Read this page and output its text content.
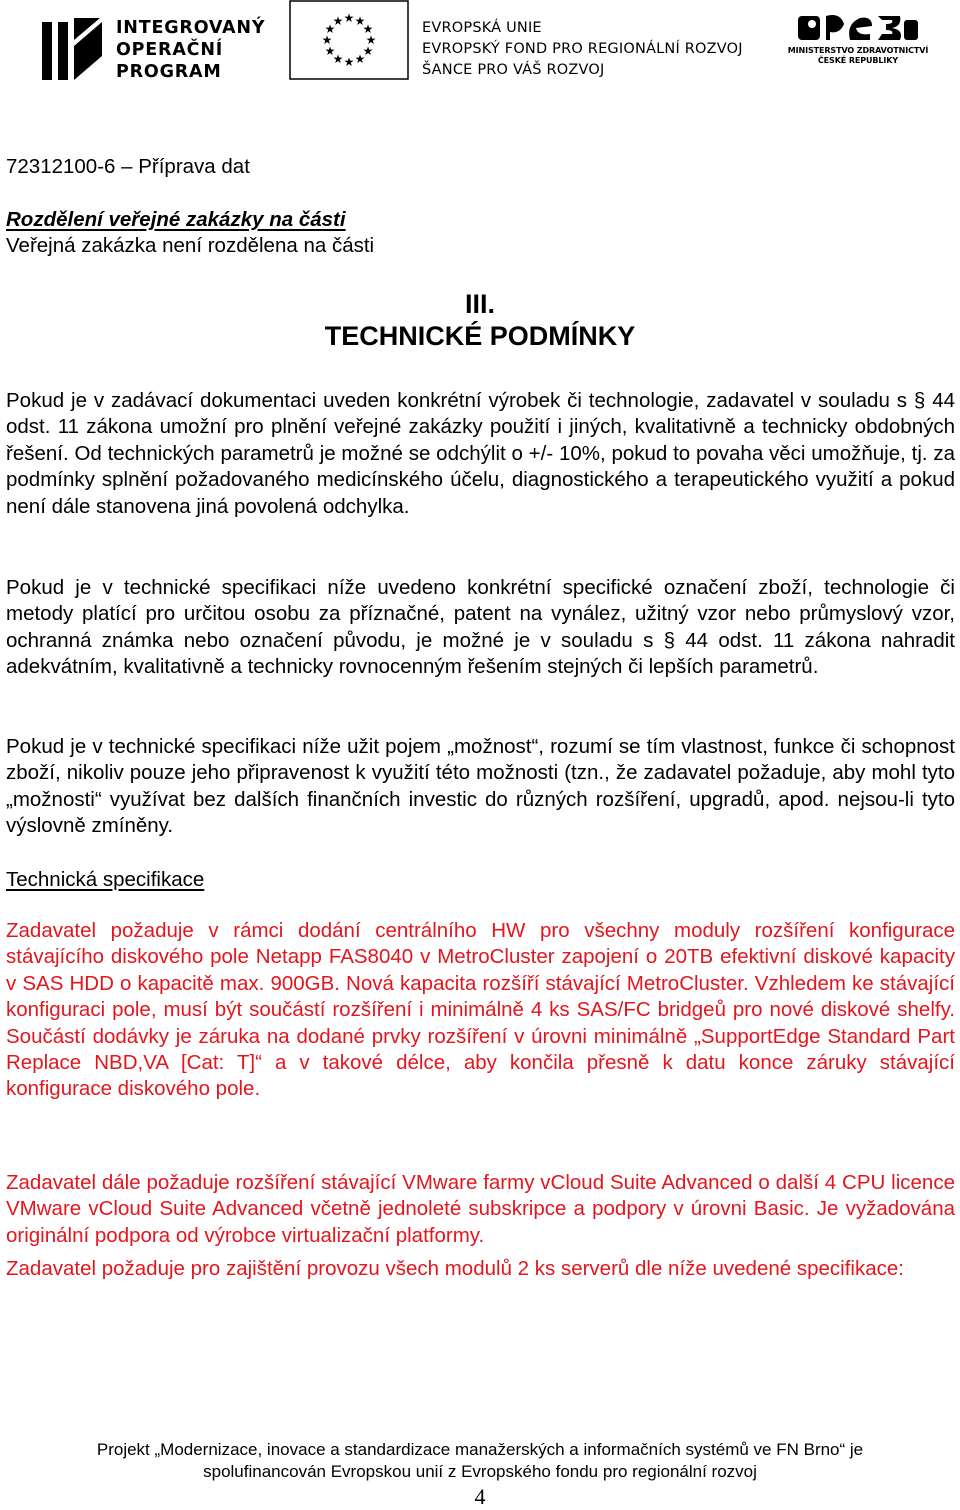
INTEGROVANÝ
OPERAČNÍ
PROGRAM
★ ★
★
★
★
★
★
★
★
★
★
★	EVROPSKÁ UNIE
EVROPSKÝ FOND PRO REGIONÁLNÍ ROZVOJ
ŠANCE PRO VÁŠ ROZVOJ
MINISTERSTVO ZDRAVOTNICTVÍ
ČESKÉ REPUBLIKY
72312100-6 – Příprava dat
Rozdělení veřejné zakázky na části
Veřejná zakázka není rozdělena na části
III.
TECHNICKÉ PODMÍNKY
Pokud je v zadávací dokumentaci uveden konkrétní výrobek či technologie, zadavatel v souladu s § 44 odst. 11 zákona umožní pro plnění veřejné zakázky použití i jiných, kvalitativně a technicky obdobných řešení. Od technických parametrů je možné se odchýlit o +/- 10%, pokud to povaha věci umožňuje, tj. za podmínky splnění požadovaného medicínského účelu, diagnostického a terapeutického využití a pokud není dále stanovena jiná povolená odchylka.
Pokud je v technické specifikaci níže uvedeno konkrétní specifické označení zboží, technologie či metody platící pro určitou osobu za příznačné, patent na vynález, užitný vzor nebo průmyslový vzor, ochranná známka nebo označení původu, je možné je v souladu s § 44 odst. 11 zákona nahradit adekvátním, kvalitativně a technicky rovnocenným řešením stejných či lepších parametrů.
Pokud je v technické specifikaci níže užit pojem „možnost“, rozumí se tím vlastnost, funkce či schopnost zboží, nikoliv pouze jeho připravenost k využití této možnosti (tzn., že zadavatel požaduje, aby mohl tyto „možnosti“ využívat bez dalších finančních investic do různých rozšíření, upgradů, apod. nejsou-li tyto výslovně zmíněny.
Technická specifikace
Zadavatel požaduje v rámci dodání centrálního HW pro všechny moduly rozšíření konfigurace stávajícího diskového pole Netapp FAS8040 v MetroCluster zapojení o 20TB efektivní diskové kapacity v SAS HDD o kapacitě max. 900GB. Nová kapacita rozšíří stávající MetroCluster. Vzhledem ke stávající konfiguraci pole, musí být součástí rozšíření i minimálně 4 ks SAS/FC bridgeů pro nové diskové shelfy. Součástí dodávky je záruka na dodané prvky rozšíření v úrovni minimálně „SupportEdge Standard Part Replace NBD,VA [Cat: T]“ a v takové délce, aby končila přesně k datu konce záruky stávající konfigurace diskového pole.
Zadavatel dále požaduje rozšíření stávající VMware farmy vCloud Suite Advanced o další 4 CPU licence VMware vCloud Suite Advanced včetně jednoleté subskripce a podpory v úrovni Basic. Je vyžadována originální podpora od výrobce virtualizační platformy.
Zadavatel požaduje pro zajištění provozu všech modulů 2 ks serverů dle níže uvedené specifikace:
Projekt „Modernizace, inovace a standardizace manažerských a informačních systémů ve FN Brno“ je
spolufinancován Evropskou unií z Evropského fondu pro regionální rozvoj
4
